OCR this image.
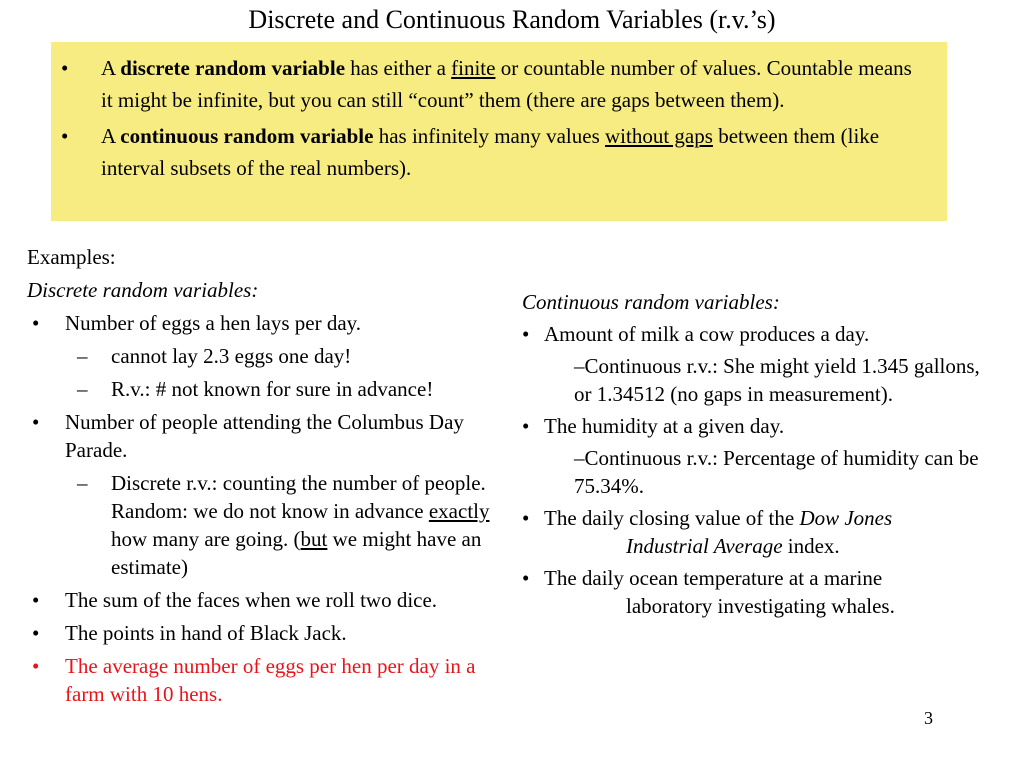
Discrete and Continuous Random Variables (r.v.’s)
• A discrete random variable has either a finite or countable number of values. Countable means it might be infinite, but you can still “count” them (there are gaps between them).
• A continuous random variable has infinitely many values without gaps between them (like interval subsets of the real numbers).
Examples:
Discrete random variables:
• Number of eggs a hen lays per day.
– cannot lay 2.3 eggs one day!
– R.v.: # not known for sure in advance!
• Number of people attending the Columbus Day Parade.
– Discrete r.v.: counting the number of people. Random: we do not know in advance exactly how many are going. (but we might have an estimate)
• The sum of the faces when we roll two dice.
• The points in hand of Black Jack.
• The average number of eggs per hen per day in a farm with 10 hens.
Continuous random variables:
• Amount of milk a cow produces a day.
–Continuous r.v.: She might yield 1.345 gallons, or 1.34512 (no gaps in measurement).
• The humidity at a given day.
–Continuous r.v.: Percentage of humidity can be 75.34%.
• The daily closing value of the Dow Jones
Industrial Average index.
• The daily ocean temperature at a marine
laboratory investigating whales.
3
